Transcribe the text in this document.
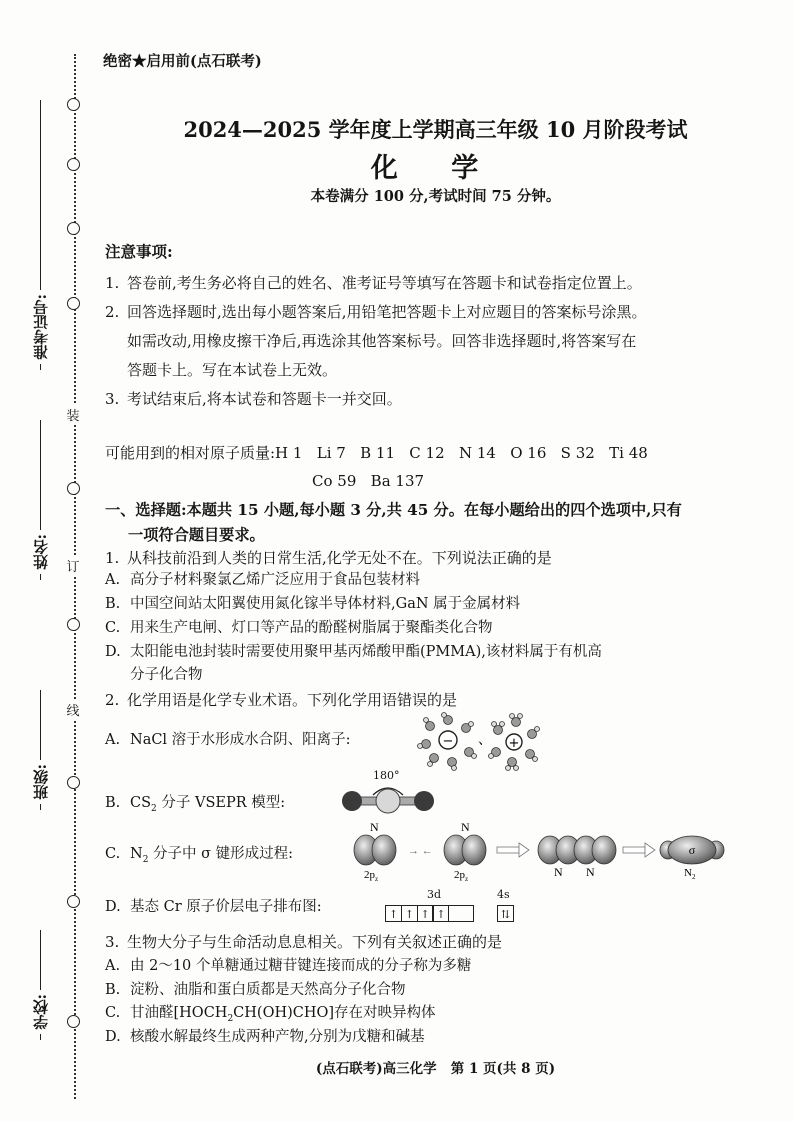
装
订
线
准考证号:
姓名:
班级:
学校:
绝密★启用前(点石联考)
2024—2025 学年度上学期高三年级 10 月阶段考试
化 学
本卷满分 100 分,考试时间 75 分钟。
注意事项:
1. 答卷前,考生务必将自己的姓名、准考证号等填写在答题卡和试卷指定位置上。
2. 回答选择题时,选出每小题答案后,用铅笔把答题卡上对应题目的答案标号涂黑。
如需改动,用橡皮擦干净后,再选涂其他答案标号。回答非选择题时,将答案写在
答题卡上。写在本试卷上无效。
3. 考试结束后,将本试卷和答题卡一并交回。
可能用到的相对原子质量:H 1   Li 7   B 11   C 12   N 14   O 16   S 32   Ti 48
Co 59   Ba 137
一、选择题:本题共 15 小题,每小题 3 分,共 45 分。在每小题给出的四个选项中,只有
一项符合题目要求。
1. 从科技前沿到人类的日常生活,化学无处不在。下列说法正确的是
A. 高分子材料聚氯乙烯广泛应用于食品包装材料
B. 中国空间站太阳翼使用氮化镓半导体材料,GaN 属于金属材料
C. 用来生产电闸、灯口等产品的酚醛树脂属于聚酯类化合物
D. 太阳能电池封装时需要使用聚甲基丙烯酸甲酯(PMMA),该材料属于有机高
分子化合物
2. 化学用语是化学专业术语。下列化学用语错误的是
A. NaCl 溶于水形成水合阴、阳离子:	− 、 +
B. $CS_2$ 分子 VSEPR 模型:
180°
C. $N_2$ 分子中 σ 键形成过程:
N
$2p_z$
→ ←
N
$2p_z$	N N
σ
$N_2$
D. 基态 Cr 原子价层电子排布图:
3d	4s
↑ ↑ ↑ ↑	⇅
3. 生物大分子与生命活动息息相关。下列有关叙述正确的是
A. 由 2～10 个单糖通过糖苷键连接而成的分子称为多糖
B. 淀粉、油脂和蛋白质都是天然高分子化合物
C. 甘油醛$[HOCH_2CH(OH)CHO]$存在对映异构体
D. 核酸水解最终生成两种产物,分别为戊糖和碱基
(点石联考)高三化学   第 1 页(共 8 页)
